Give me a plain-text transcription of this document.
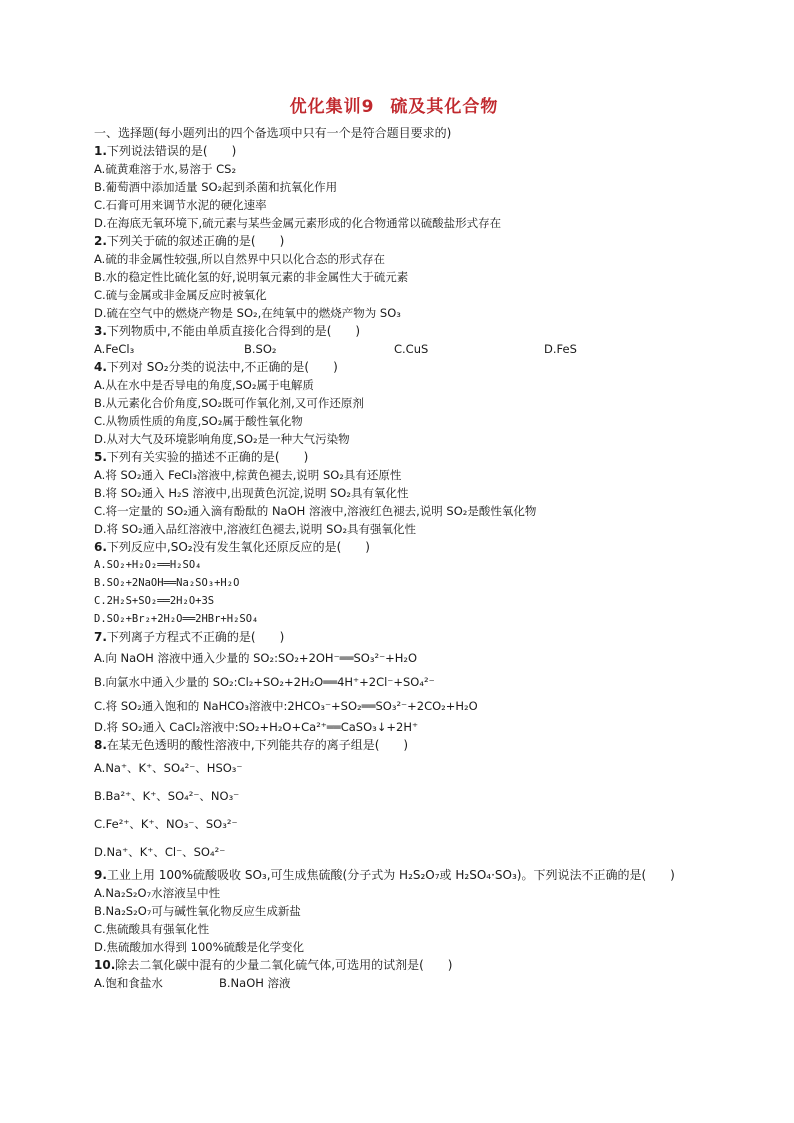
优化集训9 硫及其化合物
一、选择题(每小题列出的四个备选项中只有一个是符合题目要求的)
1.下列说法错误的是(　　)
A.硫黄难溶于水,易溶于 CS₂
B.葡萄酒中添加适量 SO₂起到杀菌和抗氧化作用
C.石膏可用来调节水泥的硬化速率
D.在海底无氧环境下,硫元素与某些金属元素形成的化合物通常以硫酸盐形式存在
2.下列关于硫的叙述正确的是(　　)
A.硫的非金属性较强,所以自然界中只以化合态的形式存在
B.水的稳定性比硫化氢的好,说明氧元素的非金属性大于硫元素
C.硫与金属或非金属反应时被氧化
D.硫在空气中的燃烧产物是 SO₂,在纯氧中的燃烧产物为 SO₃
3.下列物质中,不能由单质直接化合得到的是(　　)
A.FeCl₃	B.SO₂	C.CuS	D.FeS
4.下列对 SO₂分类的说法中,不正确的是(　　)
A.从在水中是否导电的角度,SO₂属于电解质
B.从元素化合价角度,SO₂既可作氧化剂,又可作还原剂
C.从物质性质的角度,SO₂属于酸性氧化物
D.从对大气及环境影响角度,SO₂是一种大气污染物
5.下列有关实验的描述不正确的是(　　)
A.将 SO₂通入 FeCl₃溶液中,棕黄色褪去,说明 SO₂具有还原性
B.将 SO₂通入 H₂S 溶液中,出现黄色沉淀,说明 SO₂具有氧化性
C.将一定量的 SO₂通入滴有酚酞的 NaOH 溶液中,溶液红色褪去,说明 SO₂是酸性氧化物
D.将 SO₂通入品红溶液中,溶液红色褪去,说明 SO₂具有强氧化性
6.下列反应中,SO₂没有发生氧化还原反应的是(　　)
A.SO₂+H₂O₂══H₂SO₄
B.SO₂+2NaOH══Na₂SO₃+H₂O
C.2H₂S+SO₂══2H₂O+3S
D.SO₂+Br₂+2H₂O══2HBr+H₂SO₄
7.下列离子方程式不正确的是(　　)
A.向 NaOH 溶液中通入少量的 SO₂:SO₂+2OH⁻══SO₃²⁻+H₂O
B.向氯水中通入少量的 SO₂:Cl₂+SO₂+2H₂O══4H⁺+2Cl⁻+SO₄²⁻
C.将 SO₂通入饱和的 NaHCO₃溶液中:2HCO₃⁻+SO₂══SO₃²⁻+2CO₂+H₂O
D.将 SO₂通入 CaCl₂溶液中:SO₂+H₂O+Ca²⁺══CaSO₃↓+2H⁺
8.在某无色透明的酸性溶液中,下列能共存的离子组是(　　)
A.Na⁺、K⁺、SO₄²⁻、HSO₃⁻
B.Ba²⁺、K⁺、SO₄²⁻、NO₃⁻
C.Fe²⁺、K⁺、NO₃⁻、SO₃²⁻
D.Na⁺、K⁺、Cl⁻、SO₄²⁻
9.工业上用 100%硫酸吸收 SO₃,可生成焦硫酸(分子式为 H₂S₂O₇或 H₂SO₄·SO₃)。下列说法不正确的是(　　)
A.Na₂S₂O₇水溶液呈中性
B.Na₂S₂O₇可与碱性氧化物反应生成新盐
C.焦硫酸具有强氧化性
D.焦硫酸加水得到 100%硫酸是化学变化
10.除去二氧化碳中混有的少量二氧化硫气体,可选用的试剂是(　　)
A.饱和食盐水	B.NaOH 溶液
